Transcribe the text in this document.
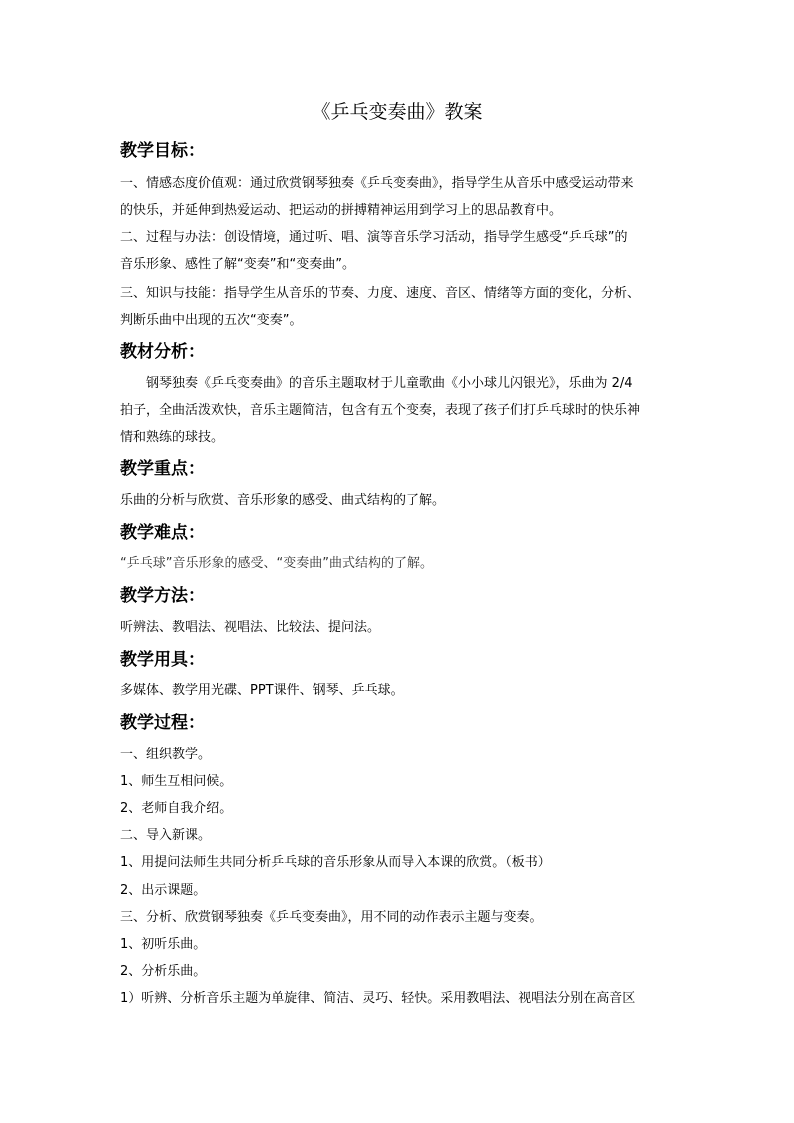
《乒乓变奏曲》教案
教学目标：
一、情感态度价值观：通过欣赏钢琴独奏《乒乓变奏曲》，指导学生从音乐中感受运动带来
的快乐，并延伸到热爱运动、把运动的拼搏精神运用到学习上的思品教育中。
二、过程与办法：创设情境，通过听、唱、演等音乐学习活动，指导学生感受“乒乓球”的
音乐形象、感性了解“变奏”和“变奏曲”。
三、知识与技能：指导学生从音乐的节奏、力度、速度、音区、情绪等方面的变化，分析、
判断乐曲中出现的五次“变奏”。
教材分析：
钢琴独奏《乒乓变奏曲》的音乐主题取材于儿童歌曲《小小球儿闪银光》，乐曲为 2/4
拍子，全曲活泼欢快，音乐主题简洁，包含有五个变奏，表现了孩子们打乒乓球时的快乐神
情和熟练的球技。
教学重点：
乐曲的分析与欣赏、音乐形象的感受、曲式结构的了解。
教学难点：
“乒乓球”音乐形象的感受、“变奏曲”曲式结构的了解。
教学方法：
听辨法、教唱法、视唱法、比较法、提问法。
教学用具：
多媒体、教学用光碟、PPT课件、钢琴、乒乓球。
教学过程：
一、组织教学。
1、师生互相问候。
2、老师自我介绍。
二、导入新课。
1、用提问法师生共同分析乒乓球的音乐形象从而导入本课的欣赏。（板书）
2、出示课题。
三、分析、欣赏钢琴独奏《乒乓变奏曲》，用不同的动作表示主题与变奏。
1、初听乐曲。
2、分析乐曲。
1）听辨、分析音乐主题为单旋律、简洁、灵巧、轻快。采用教唱法、视唱法分别在高音区
